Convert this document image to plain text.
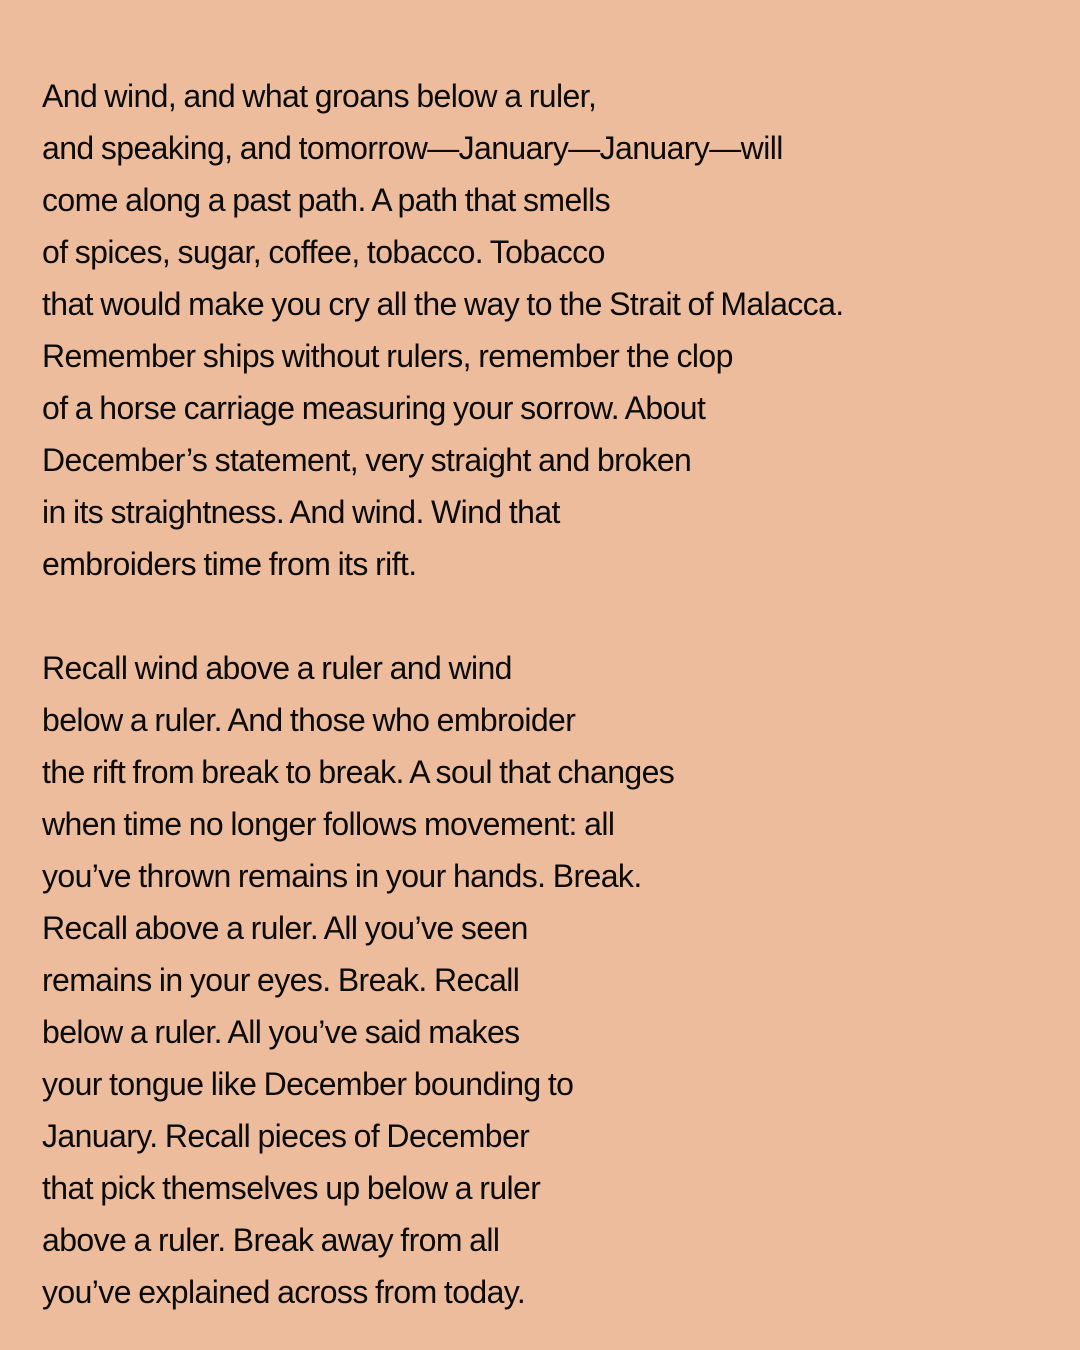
And wind, and what groans below a ruler,
and speaking, and tomorrow—January—January—will
come along a past path. A path that smells
of spices, sugar, coffee, tobacco. Tobacco
that would make you cry all the way to the Strait of Malacca.
Remember ships without rulers, remember the clop
of a horse carriage measuring your sorrow. About
December’s statement, very straight and broken
in its straightness. And wind. Wind that
embroiders time from its rift.

Recall wind above a ruler and wind
below a ruler. And those who embroider
the rift from break to break. A soul that changes
when time no longer follows movement: all
you’ve thrown remains in your hands. Break.
Recall above a ruler. All you’ve seen
remains in your eyes. Break. Recall
below a ruler. All you’ve said makes
your tongue like December bounding to
January. Recall pieces of December
that pick themselves up below a ruler
above a ruler. Break away from all
you’ve explained across from today.
